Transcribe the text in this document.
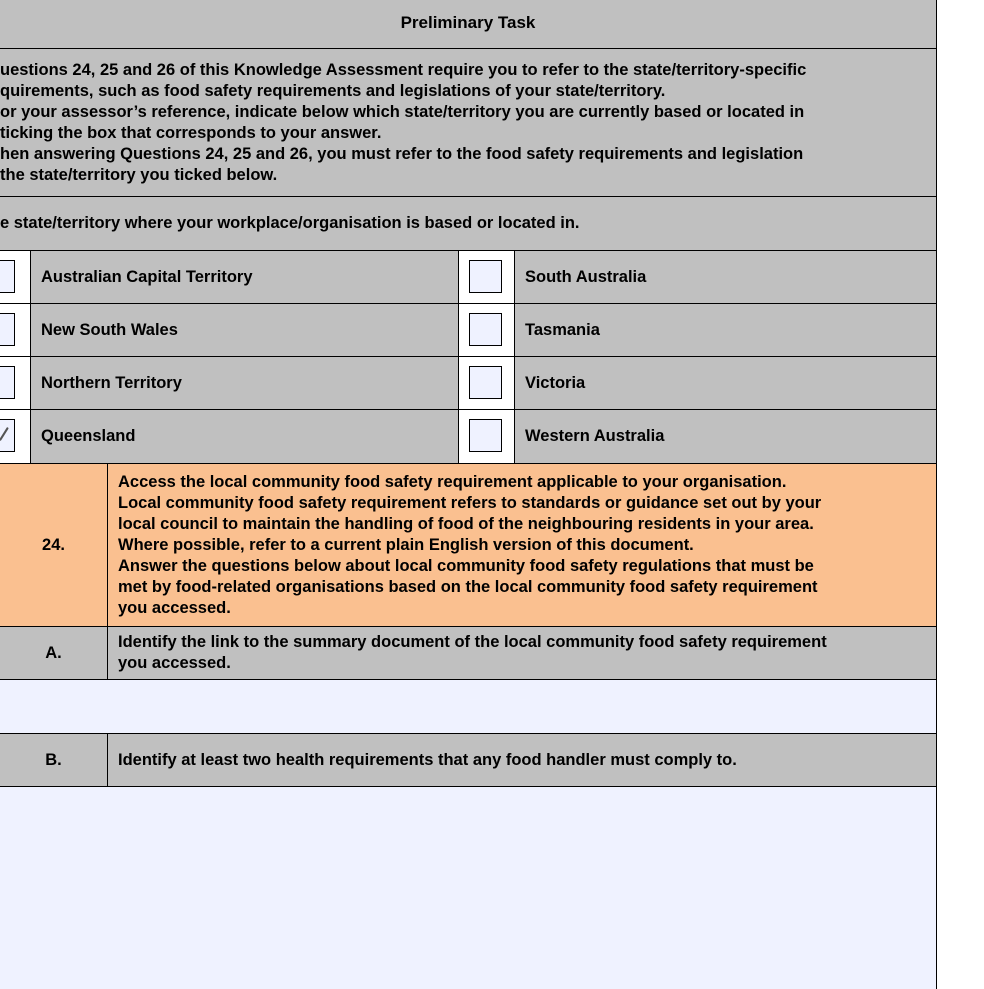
Preliminary Task
uestions 24, 25 and 26 of this Knowledge Assessment require you to refer to the state/territory-specific
quirements, such as food safety requirements and legislations of your state/territory.
or your assessor’s reference, indicate below which state/territory you are currently based or located in
ticking the box that corresponds to your answer.
hen answering Questions 24, 25 and 26, you must refer to the food safety requirements and legislation
the state/territory you ticked below.
e state/territory where your workplace/organisation is based or located in.
Australian Capital Territory
New South Wales
Northern Territory
Queensland
South Australia
Tasmania
Victoria
Western Australia
24.
Access the local community food safety requirement applicable to your organisation.
Local community food safety requirement refers to standards or guidance set out by your
local council to maintain the handling of food of the neighbouring residents in your area.
Where possible, refer to a current plain English version of this document.
Answer the questions below about local community food safety regulations that must be
met by food-related organisations based on the local community food safety requirement
you accessed.
A.
Identify the link to the summary document of the local community food safety requirement
you accessed.
B.	Identify at least two health requirements that any food handler must comply to.
